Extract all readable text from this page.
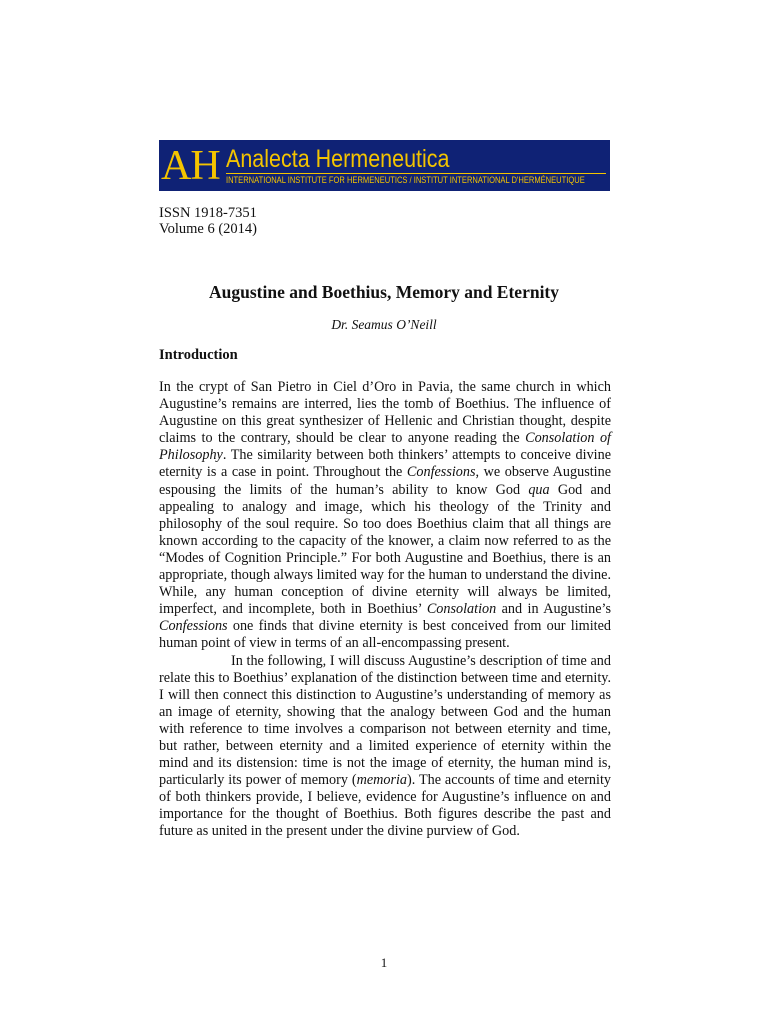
AH Analecta Hermeneutica
INTERNATIONAL INSTITUTE FOR HERMENEUTICS / INSTITUT INTERNATIONAL D'HERMÉNEUTIQUE
ISSN 1918-7351
Volume 6 (2014)
Augustine and Boethius, Memory and Eternity
Dr. Seamus O’Neill
Introduction

In the crypt of San Pietro in Ciel d’Oro in Pavia, the same church in which Augustine’s remains are interred, lies the tomb of Boethius. The influence of Augustine on this great synthesizer of Hellenic and Christian thought, despite claims to the contrary, should be clear to anyone reading the Consolation of Philosophy. The similarity between both thinkers’ attempts to conceive divine eternity is a case in point. Throughout the Confessions, we observe Augustine espousing the limits of the human’s ability to know God qua God and appealing to analogy and image, which his theology of the Trinity and philosophy of the soul require. So too does Boethius claim that all things are known according to the capacity of the knower, a claim now referred to as the “Modes of Cognition Principle.” For both Augustine and Boethius, there is an appropriate, though always limited way for the human to understand the divine. While, any human conception of divine eternity will always be limited, imperfect, and incomplete, both in Boethius’ Consolation and in Augustine’s Confessions one finds that divine eternity is best conceived from our limited human point of view in terms of an all-encompassing present.

In the following, I will discuss Augustine’s description of time and relate this to Boethius’ explanation of the distinction between time and eternity. I will then connect this distinction to Augustine’s understanding of memory as an image of eternity, showing that the analogy between God and the human with reference to time involves a comparison not between eternity and time, but rather, between eternity and a limited experience of eternity within the mind and its distension: time is not the image of eternity, the human mind is, particularly its power of memory (memoria). The accounts of time and eternity of both thinkers provide, I believe, evidence for Augustine’s influence on and importance for the thought of Boethius. Both figures describe the past and future as united in the present under the divine purview of God.

1
